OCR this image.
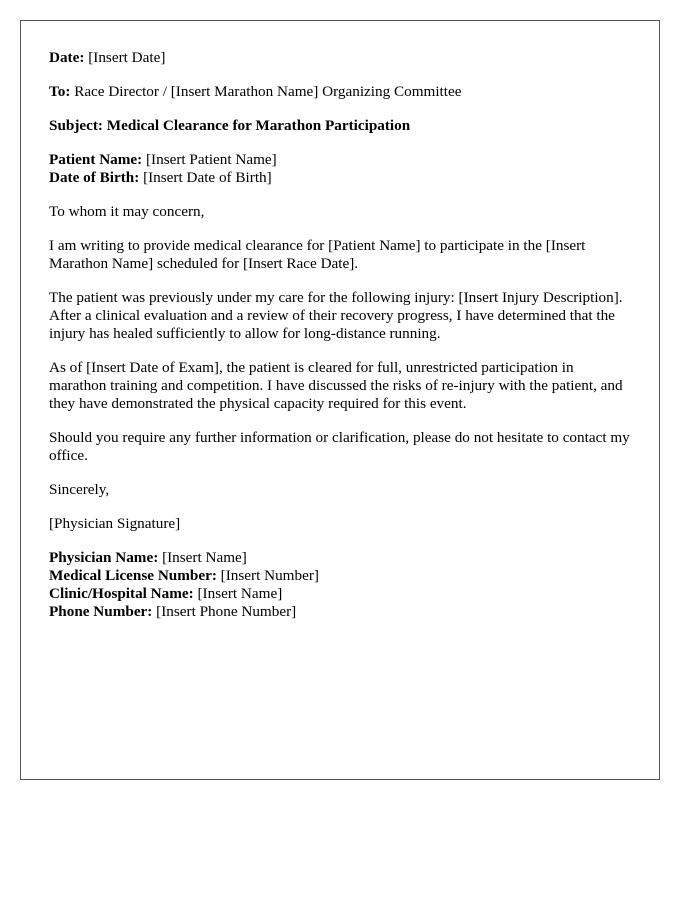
Date: [Insert Date]
To: Race Director / [Insert Marathon Name] Organizing Committee
Subject: Medical Clearance for Marathon Participation
Patient Name: [Insert Patient Name]
Date of Birth: [Insert Date of Birth]
To whom it may concern,
I am writing to provide medical clearance for [Patient Name] to participate in the [Insert Marathon Name] scheduled for [Insert Race Date].
The patient was previously under my care for the following injury: [Insert Injury Description]. After a clinical evaluation and a review of their recovery progress, I have determined that the injury has healed sufficiently to allow for long-distance running.
As of [Insert Date of Exam], the patient is cleared for full, unrestricted participation in marathon training and competition. I have discussed the risks of re-injury with the patient, and they have demonstrated the physical capacity required for this event.
Should you require any further information or clarification, please do not hesitate to contact my office.
Sincerely,
[Physician Signature]
Physician Name: [Insert Name]
Medical License Number: [Insert Number]
Clinic/Hospital Name: [Insert Name]
Phone Number: [Insert Phone Number]
